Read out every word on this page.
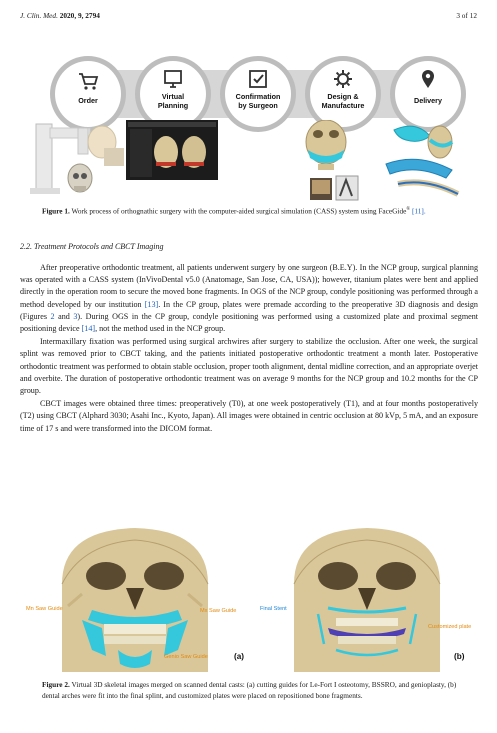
J. Clin. Med. 2020, 9, 2794	3 of 12
Order	Virtual
Planning
Confirmation
by Surgeon
Design &
Manufacture
Delivery
Figure 1. Work process of orthognathic surgery with the computer-aided surgical simulation (CASS) system using FaceGide® [11].
2.2. Treatment Protocols and CBCT Imaging

After preoperative orthodontic treatment, all patients underwent surgery by one surgeon (B.E.Y). In the NCP group, surgical planning was operated with a CASS system (InVivoDental v5.0 (Anatomage, San Jose, CA, USA)); however, titanium plates were bent and applied directly in the operation room to secure the moved bone fragments. In OGS of the NCP group, condyle positioning was performed through a method developed by our institution [13]. In the CP group, plates were premade according to the preoperative 3D diagnosis and design (Figures 2 and 3). During OGS in the CP group, condyle positioning was performed using a customized plate and proximal segment positioning device [14], not the method used in the NCP group.

Intermaxillary fixation was performed using surgical archwires after surgery to stabilize the occlusion. After one week, the surgical splint was removed prior to CBCT taking, and the patients initiated postoperative orthodontic treatment a month later. Postoperative orthodontic treatment was performed to obtain stable occlusion, proper tooth alignment, dental midline correction, and an appropriate overjet and overbite. The duration of postoperative orthodontic treatment was on average 9 months for the NCP group and 10.2 months for the CP group.

CBCT images were obtained three times: preoperatively (T0), at one week postoperatively (T1), and at four months postoperatively (T2) using CBCT (Alphard 3030; Asahi Inc., Kyoto, Japan). All images were obtained in centric occlusion at 80 kVp, 5 mA, and an exposure time of 17 s and were transformed into the DICOM format.

Mn Saw Guide	Mx Saw Guide
Genio Saw Guide	(a)
Final Stent
Customized plate
(b)
Figure 2. Virtual 3D skeletal images merged on scanned dental casts: (a) cutting guides for Le-Fort I osteotomy, BSSRO, and genioplasty, (b) dental arches were fit into the final splint, and customized plates were placed on repositioned bone fragments.
